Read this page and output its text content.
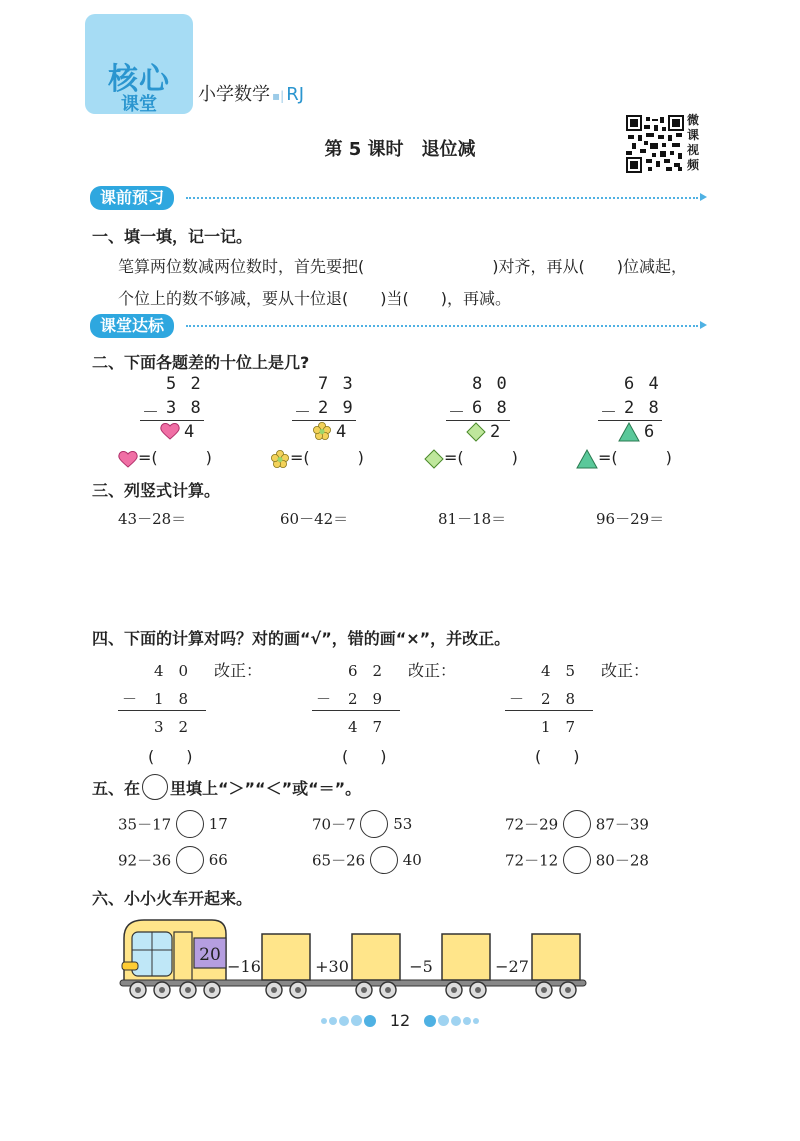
核心
课堂 小学数学 ▪| RJ
第 5 课时　退位减
微课视频
课前预习
一、填一填，记一记。
笔算两位数减两位数时，首先要把(　　　　　　　　)对齐，再从(　　)位减起，
个位上的数不够减，要从十位退(　　)当(　　)，再减。
课堂达标
二、下面各题差的十位上是几?
5 2
－ 3 8
4
7 3
－ 2 9
4
8 0
－ 6 8
2
6 4
－ 2 8
6
=(　　　)	=(　　　)	=(　　　)	=(　　　)
三、列竖式计算。
43－28＝	60－42＝	81－18＝	96－29＝
四、下面的计算对吗？对的画“√”，错的画“×”，并改正。
4　0 改正：
－ 1　8
3　2
(　　)
6　2 改正：
－ 2　9
4　7
(　　)
4　5 改正：
－ 2　8
1　7
(　　)
五、在 里填上“＞”“＜”或“＝”。
35－17	17	70－7	53	72－29	87－39
92－36	66	65－26	40	72－12	80－28
六、小小火车开起来。
20
−16	+30	−5	−27
12
